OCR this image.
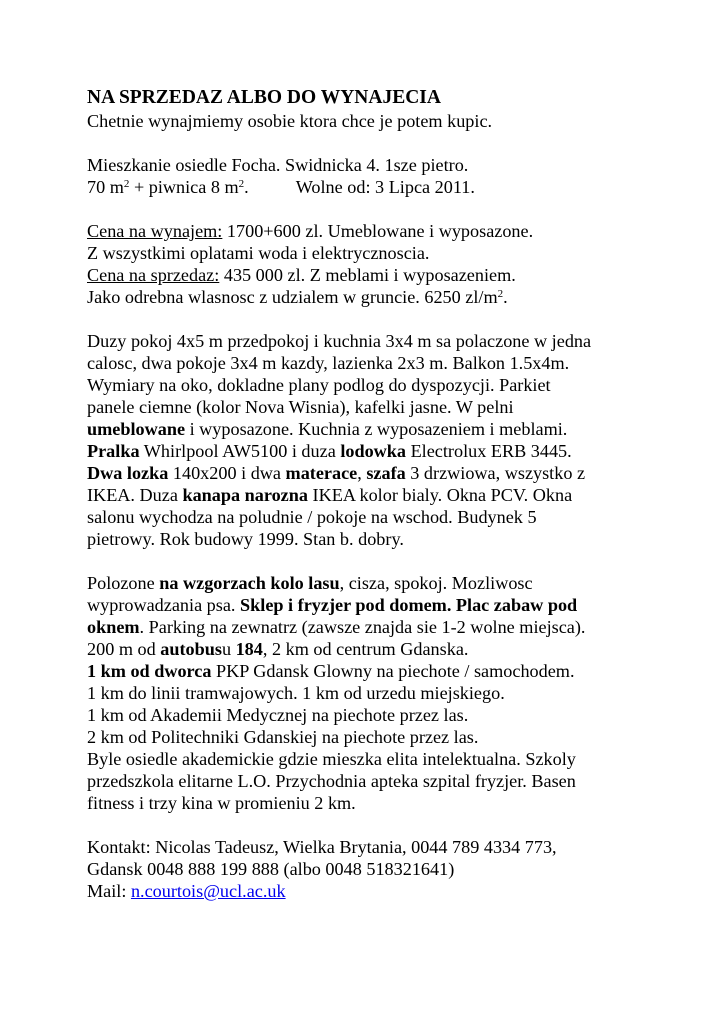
NA SPRZEDAZ ALBO DO WYNAJECIA
Chetnie wynajmiemy osobie ktora chce je potem kupic.
Mieszkanie osiedle Focha. Swidnicka 4. 1sze pietro.
70 $m^2$ + piwnica 8 $m^2$.	Wolne od: 3 Lipca 2011.
Cena na wynajem: 1700+600 zl. Umeblowane i wyposazone.
Z wszystkimi oplatami woda i elektrycznoscia.
Cena na sprzedaz: 435 000 zl. Z meblami i wyposazeniem.
Jako odrebna wlasnosc z udzialem w gruncie. 6250 $zl/m^2$.
Duzy pokoj 4x5 m przedpokoj i kuchnia 3x4 m sa polaczone w jedna
calosc, dwa pokoje 3x4 m kazdy, lazienka 2x3 m. Balkon 1.5x4m.
Wymiary na oko, dokladne plany podlog do dyspozycji. Parkiet
panele ciemne (kolor Nova Wisnia), kafelki jasne. W pelni
umeblowane i wyposazone. Kuchnia z wyposazeniem i meblami.
Pralka Whirlpool AW5100 i duza lodowka Electrolux ERB 3445.
Dwa lozka 140x200 i dwa materace, szafa 3 drzwiowa, wszystko z
IKEA. Duza kanapa narozna IKEA kolor bialy. Okna PCV. Okna
salonu wychodza na poludnie / pokoje na wschod. Budynek 5
pietrowy. Rok budowy 1999. Stan b. dobry.
Polozone na wzgorzach kolo lasu, cisza, spokoj. Mozliwosc
wyprowadzania psa. Sklep i fryzjer pod domem. Plac zabaw pod
oknem. Parking na zewnatrz (zawsze znajda sie 1-2 wolne miejsca).
200 m od autobusu 184, 2 km od centrum Gdanska.
1 km od dworca PKP Gdansk Glowny na piechote / samochodem.
1 km do linii tramwajowych. 1 km od urzedu miejskiego.
1 km od Akademii Medycznej na piechote przez las.
2 km od Politechniki Gdanskiej na piechote przez las.
Byle osiedle akademickie gdzie mieszka elita intelektualna. Szkoly
przedszkola elitarne L.O. Przychodnia apteka szpital fryzjer. Basen
fitness i trzy kina w promieniu 2 km.
Kontakt: Nicolas Tadeusz, Wielka Brytania, 0044 789 4334 773,
Gdansk 0048 888 199 888 (albo 0048 518321641)
Mail: n.courtois@ucl.ac.uk
